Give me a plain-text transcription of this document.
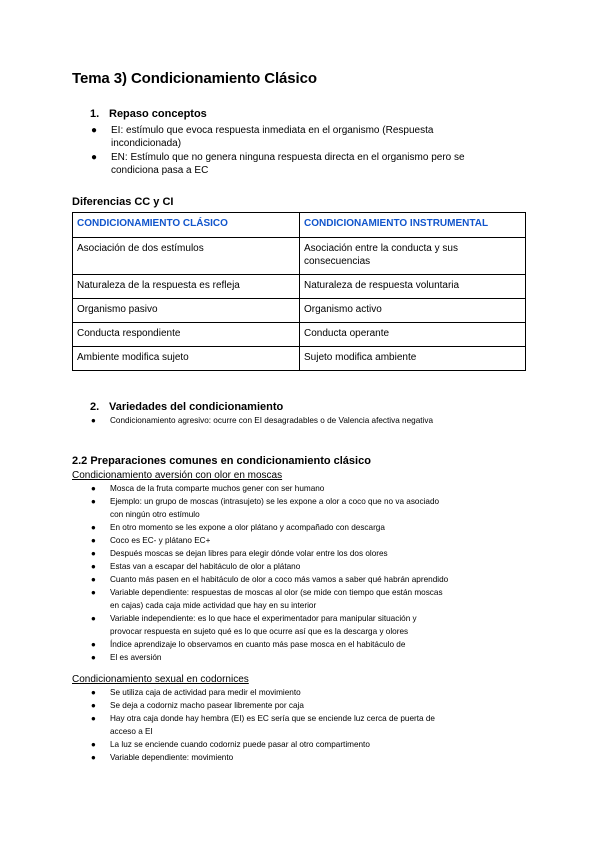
Tema 3) Condicionamiento Clásico
1. Repaso conceptos
● EI: estímulo que evoca respuesta inmediata en el organismo (Respuesta
incondicionada)
● EN: Estímulo que no genera ninguna respuesta directa en el organismo pero se
condiciona pasa a EC
Diferencias CC y CI
CONDICIONAMIENTO CLÁSICO	CONDICIONAMIENTO INSTRUMENTAL
Asociación de dos estímulos	Asociación entre la conducta y sus consecuencias
Naturaleza de la respuesta es refleja	Naturaleza de respuesta voluntaria
Organismo pasivo	Organismo activo
Conducta respondiente	Conducta operante
Ambiente modifica sujeto	Sujeto modifica ambiente
2. Variedades del condicionamiento
● Condicionamiento agresivo: ocurre con EI desagradables o de Valencia afectiva negativa
2.2 Preparaciones comunes en condicionamiento clásico
Condicionamiento aversión con olor en moscas
● Mosca de la fruta comparte muchos gener con ser humano
● Ejemplo: un grupo de moscas (intrasujeto) se les expone a olor a coco que no va asociado
con ningún otro estímulo
● En otro momento se les expone a olor plátano y acompañado con descarga
● Coco es EC- y plátano EC+
● Después moscas se dejan libres para elegir dónde volar entre los dos olores
● Estas van a escapar del habitáculo de olor a plátano
● Cuanto más pasen en el habitáculo de olor a coco más vamos a saber qué habrán aprendido
● Variable dependiente: respuestas de moscas al olor (se mide con tiempo que están moscas
en cajas) cada caja mide actividad que hay en su interior
● Variable independiente: es lo que hace el experimentador para manipular situación y
provocar respuesta en sujeto qué es lo que ocurre así que es la descarga y olores
● Índice aprendizaje lo observamos en cuanto más pase mosca en el habitáculo de
● El es aversión
Condicionamiento sexual en codornices
● Se utiliza caja de actividad para medir el movimiento
● Se deja a codorniz macho pasear libremente por caja
● Hay otra caja donde hay hembra (EI) es EC sería que se enciende luz cerca de puerta de
acceso a EI
● La luz se enciende cuando codorniz puede pasar al otro compartimento
● Variable dependiente: movimiento
